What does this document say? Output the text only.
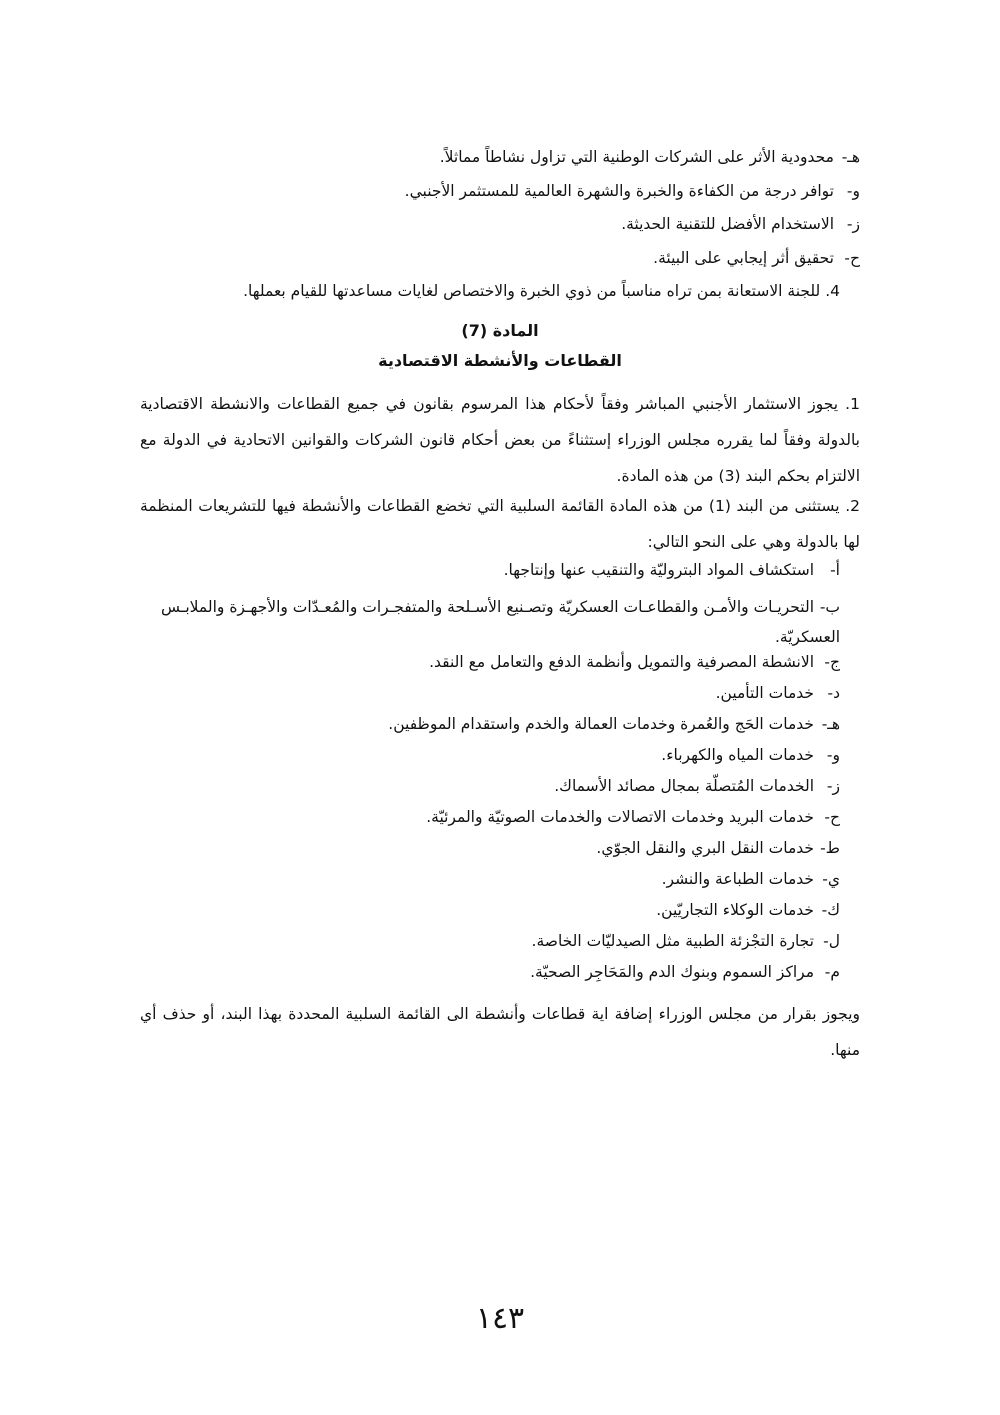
هـ-محدودية الأثر على الشركات الوطنية التي تزاول نشاطاً مماثلاً.
و-توافر درجة من الكفاءة والخبرة والشهرة العالمية للمستثمر الأجنبي.
ز-الاستخدام الأفضل للتقنية الحديثة.
ح-تحقيق أثر إيجابي على البيئة.
4. للجنة الاستعانة بمن تراه مناسباً من ذوي الخبرة والاختصاص لغايات مساعدتها للقيام بعملها.
المادة (7)
القطاعات والأنشطة الاقتصادية
1. يجوز الاستثمار الأجنبي المباشر وفقاً لأحكام هذا المرسوم بقانون في جميع القطاعات والانشطة الاقتصادية بالدولة وفقاً لما يقرره مجلس الوزراء إستثناءً من بعض أحكام قانون الشركات والقوانين الاتحادية في الدولة مع الالتزام بحكم البند (3) من هذه المادة.
2. يستثنى من البند (1) من هذه المادة القائمة السلبية التي تخضع القطاعات والأنشطة فيها للتشريعات المنظمة لها بالدولة وهي على النحو التالي:
أ-استكشاف المواد البتروليّة والتنقيب عنها وإنتاجها.
ب-التحريـات والأمـن والقطاعـات العسكريّة وتصـنيع الأسـلحة والمتفجـرات والمُعـدّات والأجهـزة والملابـس العسكريّة.
ج-الانشطة المصرفية والتمويل وأنظمة الدفع والتعامل مع النقد.
د-خدمات التأمين.
هـ-خدمات الحَج والعُمرة وخدمات العمالة والخدم واستقدام الموظفين.
و-خدمات المياه والكهرباء.
ز-الخدمات المُتصلّة بمجال مصائد الأسماك.
ح-خدمات البريد وخدمات الاتصالات والخدمات الصوتيّة والمرئيّة.
ط-خدمات النقل البري والنقل الجوّي.
ي-خدمات الطباعة والنشر.
ك-خدمات الوكلاء التجاريّين.
ل-تجارة التجْزئة الطبية مثل الصيدليّات الخاصة.
م-مراكز السموم وبنوك الدم والمَحَاجِر الصحيّة.
ويجوز بقرار من مجلس الوزراء إضافة اية قطاعات وأنشطة الى القائمة السلبية المحددة بهذا البند، أو حذف أي منها.
١٤٣
